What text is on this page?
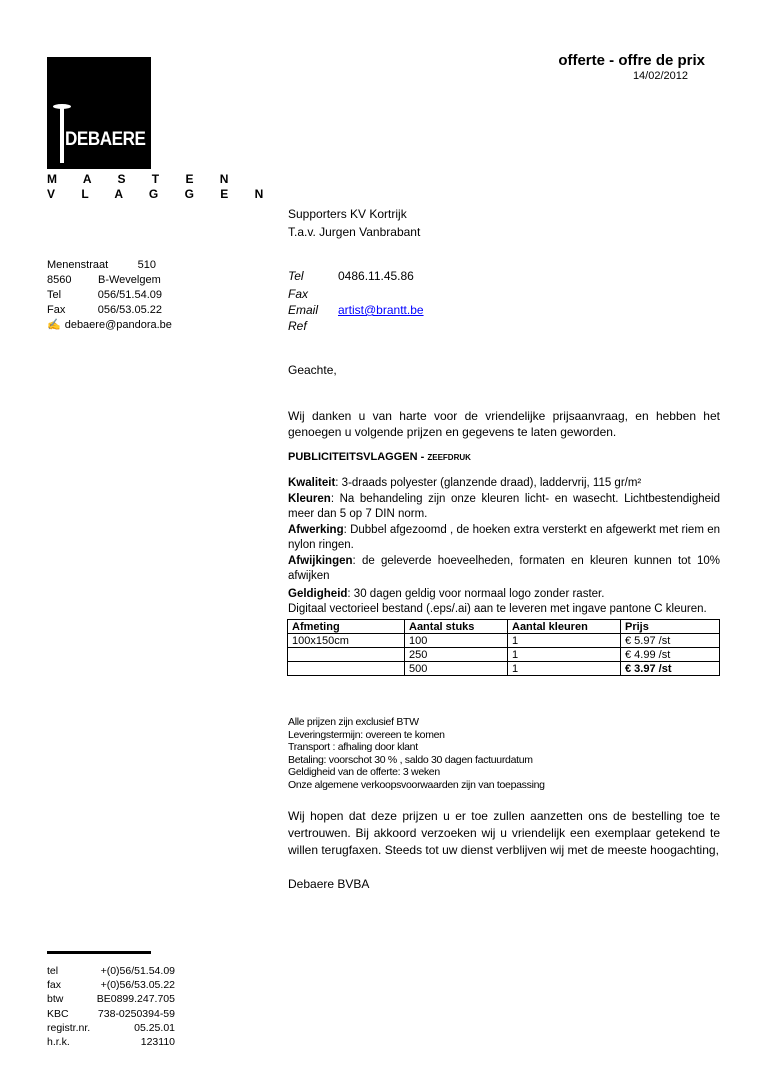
offerte - offre de prix
14/02/2012
DEBAERE
M A S T E N
V L A G G E N
Menenstraat	510
8560	B-Wevelgem
Tel	056/51.54.09
Fax	056/53.05.22
✍ debaere@pandora.be
Supporters KV Kortrijk
T.a.v. Jurgen Vanbrabant
Tel	0486.11.45.86
Fax
Email	artist@brantt.be
Ref
Geachte,
Wij danken u van harte voor de vriendelijke prijsaanvraag, en hebben het genoegen u volgende prijzen en gegevens te laten geworden.
PUBLICITEITSVLAGGEN - ZEEFDRUK
Kwaliteit: 3-draads polyester (glanzende draad), laddervrij, 115 gr/m²
Kleuren: Na behandeling zijn onze kleuren licht- en wasecht. Lichtbestendigheid meer dan 5 op 7 DIN norm.
Afwerking: Dubbel afgezoomd , de hoeken extra versterkt en afgewerkt met riem en nylon ringen.
Afwijkingen: de geleverde hoeveelheden, formaten en kleuren kunnen tot 10% afwijken
Geldigheid: 30 dagen geldig voor normaal logo zonder raster.
Digitaal vectorieel bestand (.eps/.ai) aan te leveren met ingave pantone C kleuren.
Afmeting	Aantal stuks	Aantal kleuren	Prijs
100x150cm	100	1	€ 5.97 /st
	250	1	€ 4.99 /st
	500	1	€ 3.97 /st
Alle prijzen zijn exclusief BTW
Leveringstermijn: overeen te komen
Transport : afhaling door klant
Betaling: voorschot 30 % , saldo 30 dagen factuurdatum
Geldigheid van de offerte: 3 weken
Onze algemene verkoopsvoorwaarden zijn van toepassing
Wij hopen dat deze prijzen u er toe zullen aanzetten ons de bestelling toe te vertrouwen. Bij akkoord verzoeken wij u vriendelijk een exemplaar getekend te willen terugfaxen. Steeds tot uw dienst verblijven wij met de meeste hoogachting,
Debaere BVBA
tel	+(0)56/51.54.09
fax	+(0)56/53.05.22
btw	BE0899.247.705
KBC	738-0250394-59
registr.nr.	05.25.01
h.r.k.	123110
